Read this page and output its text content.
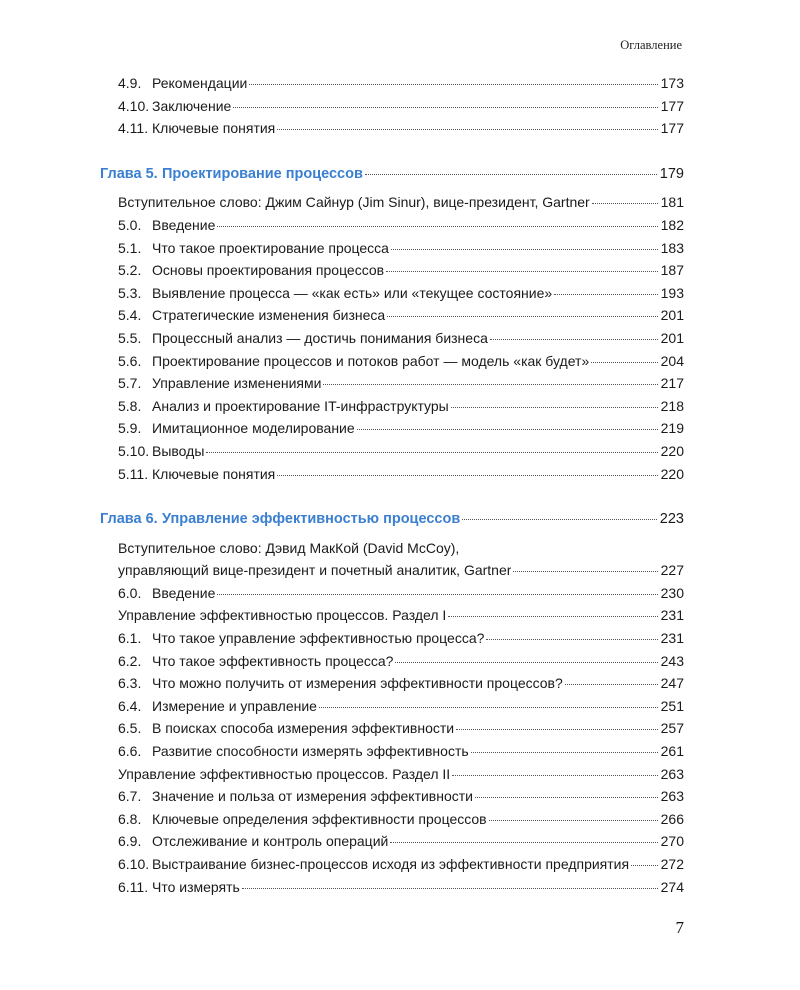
Оглавление
4.9. Рекомендации	173
4.10. Заключение	177
4.11. Ключевые понятия	177
Глава 5. Проектирование процессов	179
Вступительное слово: Джим Сайнур (Jim Sinur), вице-президент, Gartner	181
5.0. Введение	182
5.1. Что такое проектирование процесса	183
5.2. Основы проектирования процессов	187
5.3. Выявление процесса — «как есть» или «текущее состояние»	193
5.4. Стратегические изменения бизнеса	201
5.5. Процессный анализ — достичь понимания бизнеса	201
5.6. Проектирование процессов и потоков работ — модель «как будет»	204
5.7. Управление изменениями	217
5.8. Анализ и проектирование IT-инфраструктуры	218
5.9. Имитационное моделирование	219
5.10. Выводы	220
5.11. Ключевые понятия	220
Глава 6. Управление эффективностью процессов	223
Вступительное слово: Дэвид МакКой (David McCoy),
управляющий вице-президент и почетный аналитик, Gartner	227
6.0. Введение	230
Управление эффективностью процессов. Раздел I	231
6.1. Что такое управление эффективностью процесса?	231
6.2. Что такое эффективность процесса?	243
6.3. Что можно получить от измерения эффективности процессов?	247
6.4. Измерение и управление	251
6.5. В поисках способа измерения эффективности	257
6.6. Развитие способности измерять эффективность	261
Управление эффективностью процессов. Раздел II	263
6.7. Значение и польза от измерения эффективности	263
6.8. Ключевые определения эффективности процессов	266
6.9. Отслеживание и контроль операций	270
6.10. Выстраивание бизнес-процессов исходя из эффективности предприятия 272
6.11. Что измерять	274
7
